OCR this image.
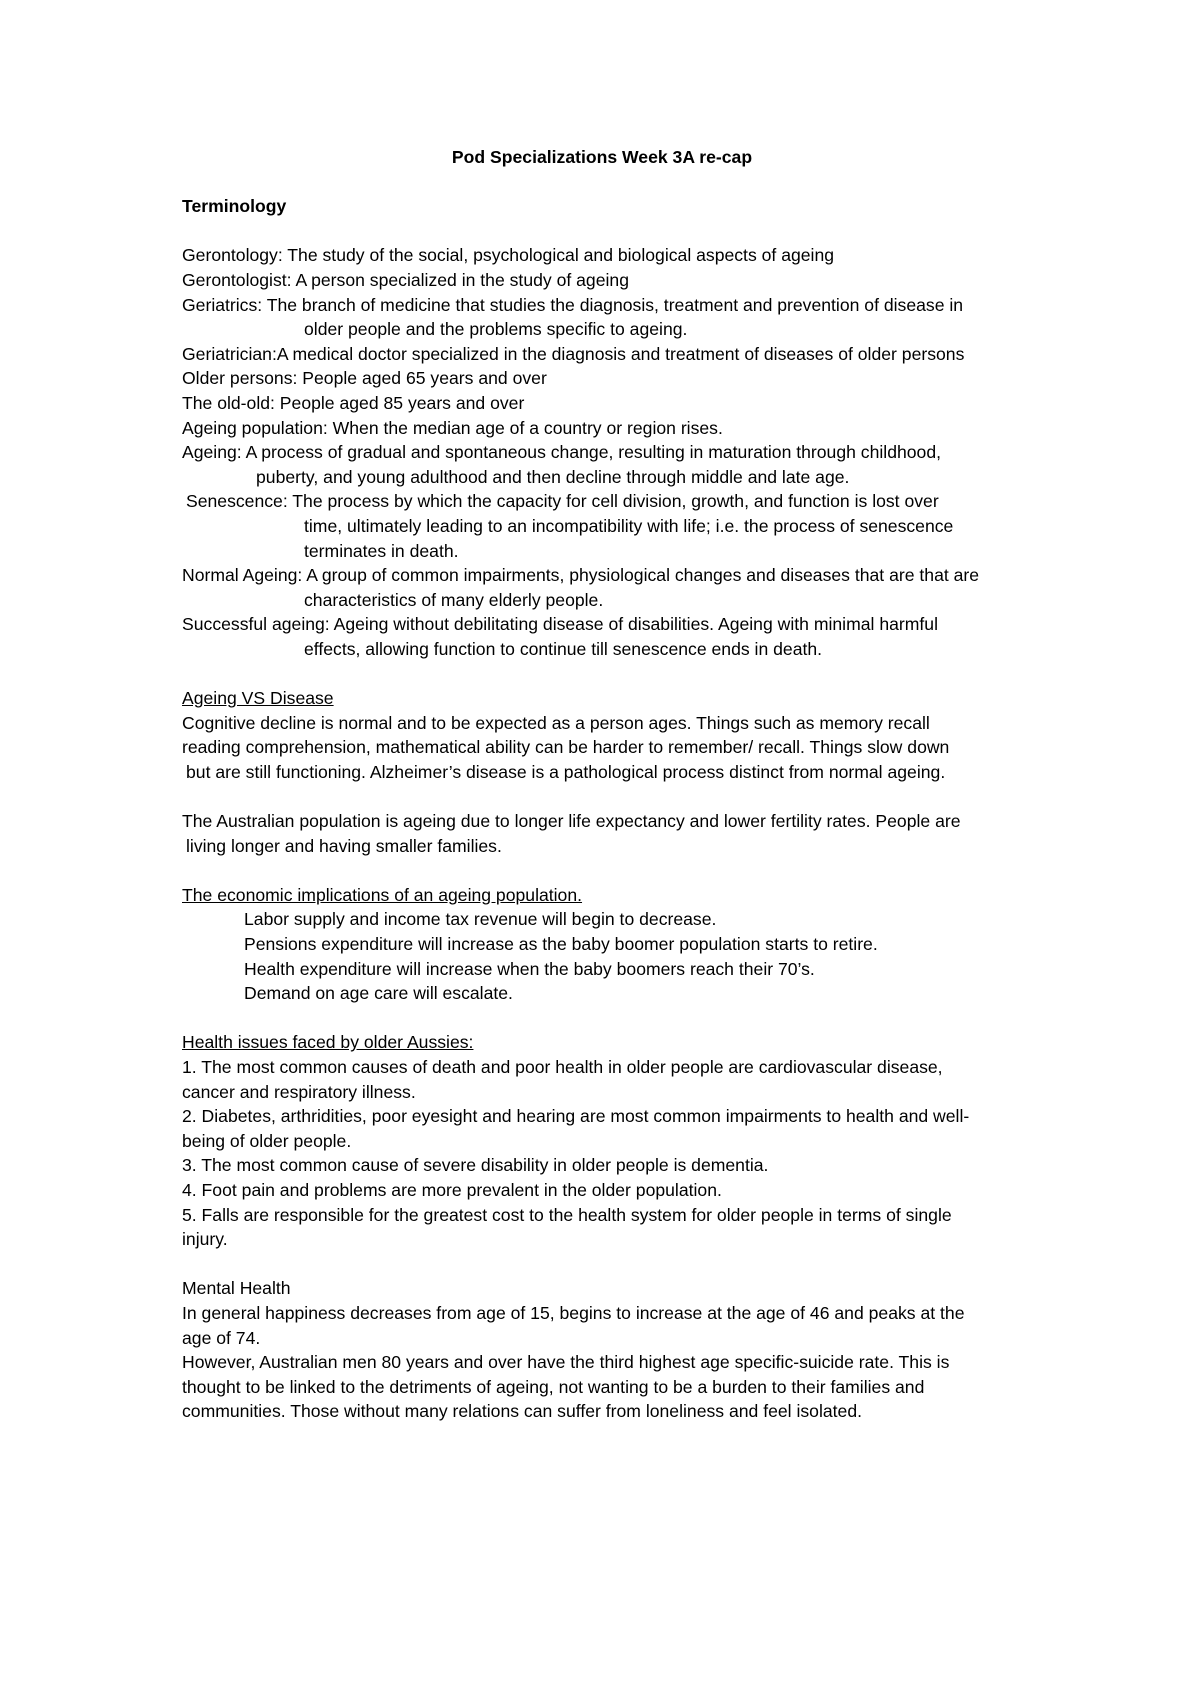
Pod Specializations Week 3A re-cap
Terminology
Gerontology: The study of the social, psychological and biological aspects of ageing
Gerontologist: A person specialized in the study of ageing
Geriatrics: The branch of medicine that studies the diagnosis, treatment and prevention of disease in
older people and the problems specific to ageing.
Geriatrician:A medical doctor specialized in the diagnosis and treatment of diseases of older persons
Older persons: People aged 65 years and over
The old-old: People aged 85 years and over
Ageing population: When the median age of a country or region rises.
Ageing: A process of gradual and spontaneous change, resulting in maturation through childhood,
puberty, and young adulthood and then decline through middle and late age.
Senescence: The process by which the capacity for cell division, growth, and function is lost over
time, ultimately leading to an incompatibility with life; i.e. the process of senescence
terminates in death.
Normal Ageing: A group of common impairments, physiological changes and diseases that are that are
characteristics of many elderly people.
Successful ageing: Ageing without debilitating disease of disabilities. Ageing with minimal harmful
effects, allowing function to continue till senescence ends in death.
Ageing VS Disease
Cognitive decline is normal and to be expected as a person ages. Things such as memory recall
reading comprehension, mathematical ability can be harder to remember/ recall. Things slow down
but are still functioning. Alzheimer’s disease is a pathological process distinct from normal ageing.
The Australian population is ageing due to longer life expectancy and lower fertility rates. People are
living longer and having smaller families.
The economic implications of an ageing population.
Labor supply and income tax revenue will begin to decrease.
Pensions expenditure will increase as the baby boomer population starts to retire.
Health expenditure will increase when the baby boomers reach their 70’s.
Demand on age care will escalate.
Health issues faced by older Aussies:
1. The most common causes of death and poor health in older people are cardiovascular disease,
cancer and respiratory illness.
2. Diabetes, arthridities, poor eyesight and hearing are most common impairments to health and well-
being of older people.
3. The most common cause of severe disability in older people is dementia.
4. Foot pain and problems are more prevalent in the older population.
5. Falls are responsible for the greatest cost to the health system for older people in terms of single
injury.
Mental Health
In general happiness decreases from age of 15, begins to increase at the age of 46 and peaks at the
age of 74.
However, Australian men 80 years and over have the third highest age specific-suicide rate. This is
thought to be linked to the detriments of ageing, not wanting to be a burden to their families and
communities. Those without many relations can suffer from loneliness and feel isolated.
